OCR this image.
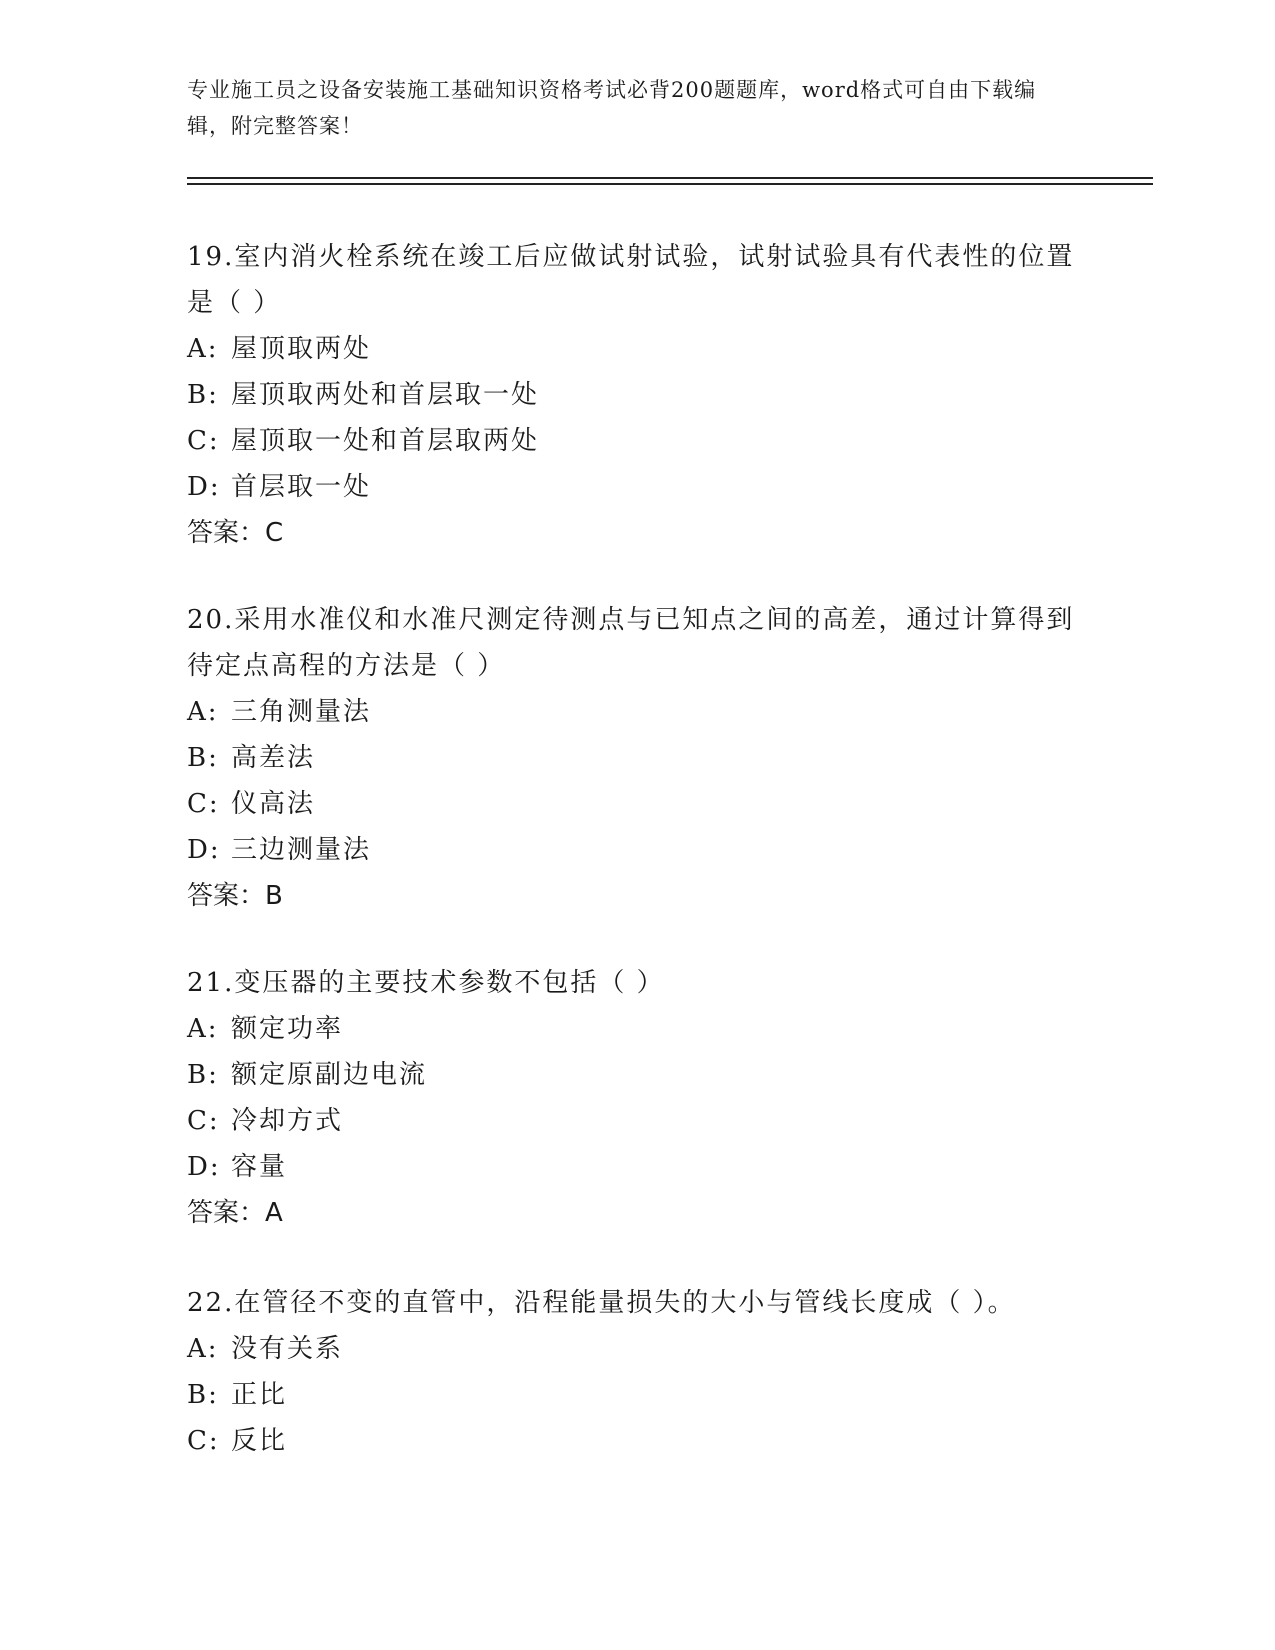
专业施工员之设备安装施工基础知识资格考试必背200题题库，word格式可自由下载编辑，附完整答案！
19.室内消火栓系统在竣工后应做试射试验，试射试验具有代表性的位置是（ ）
A: 屋顶取两处
B: 屋顶取两处和首层取一处
C: 屋顶取一处和首层取两处
D: 首层取一处
答案：C
20.采用水准仪和水准尺测定待测点与已知点之间的高差，通过计算得到待定点高程的方法是（ ）
A: 三角测量法
B: 高差法
C: 仪高法
D: 三边测量法
答案：B
21.变压器的主要技术参数不包括（ ）
A: 额定功率
B: 额定原副边电流
C: 冷却方式
D: 容量
答案：A
22.在管径不变的直管中，沿程能量损失的大小与管线长度成（ ）。
A: 没有关系
B: 正比
C: 反比
